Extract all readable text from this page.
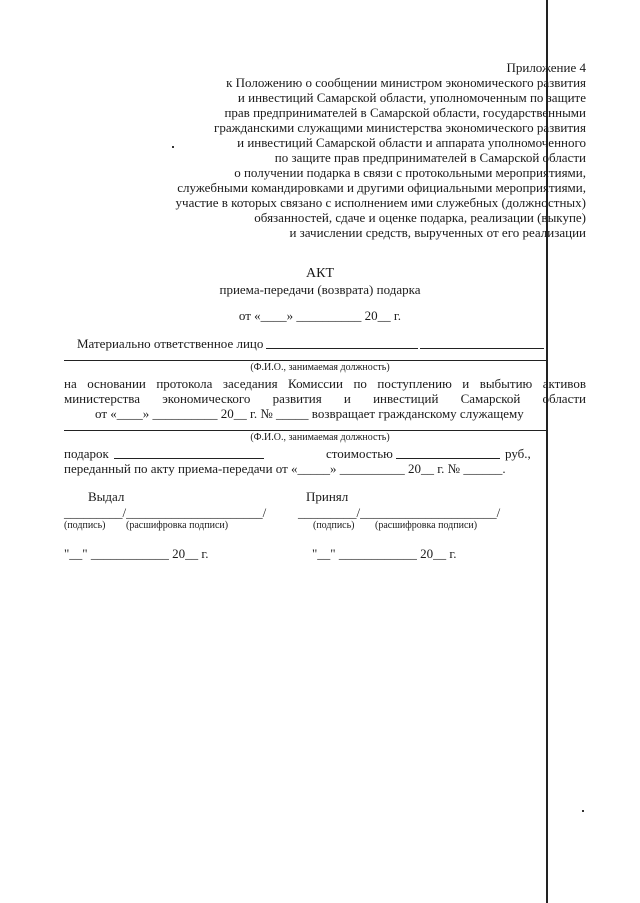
Приложение 4
к Положению о сообщении министром экономического развития
и инвестиций Самарской области, уполномоченным по защите
прав предпринимателей в Самарской области, государственными
гражданскими служащими министерства экономического развития
и инвестиций Самарской области и аппарата уполномоченного
по защите прав предпринимателей в Самарской области
о получении подарка в связи с протокольными мероприятиями,
служебными командировками и другими официальными мероприятиями,
участие в которых связано с исполнением ими служебных (должностных)
обязанностей, сдаче и оценке подарка, реализации (выкупе)
и зачислении средств, вырученных от его реализации
АКТ
приема-передачи (возврата) подарка
от «____» __________ 20__ г.
Материально ответственное лицо
(Ф.И.О., занимаемая должность)
на основании протокола заседания Комиссии по поступлению и выбытию активов
министерства экономического развития и инвестиций Самарской области
от «____» __________ 20__ г. № _____ возвращает гражданскому служащему
(Ф.И.О., занимаемая должность)
подарок	стоимостью	руб.,
переданный по акту приема-передачи от «_____» __________ 20__ г. № ______.
Выдал	Принял
_________/_____________________/ _________/_____________________/
(подпись) (расшифровка подписи)	(подпись) (расшифровка подписи)
"__" ____________ 20__ г.	"__" ____________ 20__ г.
